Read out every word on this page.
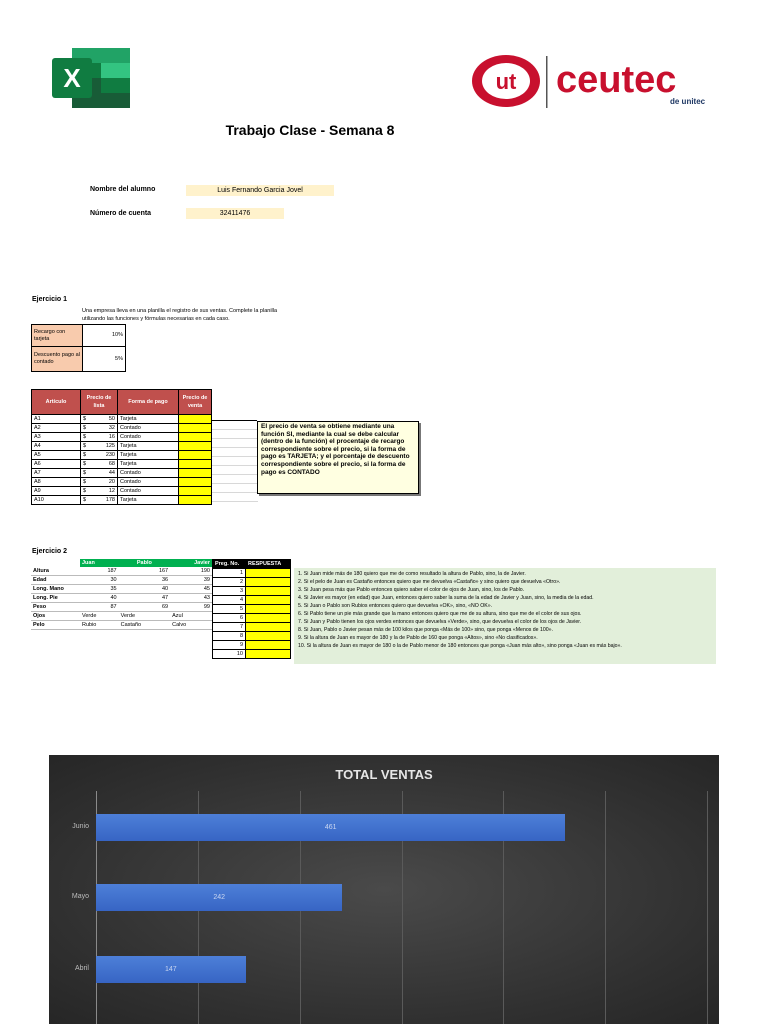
X	ut ceutec
de unitec
Trabajo Clase - Semana 8
Nombre del alumno	Luis Fernando Garcia Jovel
Número de cuenta	32411476
Ejercicio 1
Una empresa lleva en una planilla el registro de sus ventas. Complete la planilla
utilizando las funciones y fórmulas necesarias en cada caso.
Recargo con tarjeta	10%
Descuento pago al contado	5%
Artículo	Precio de lista		Forma de pago	Precio de venta
A1	$	50	Tarjeta	
A2	$	32	Contado	
A3	$	16	Contado	
A4	$	125	Tarjeta	
A5	$	230	Tarjeta	
A6	$	68	Tarjeta	
A7	$	44	Contado	
A8	$	20	Contado	
A9	$	12	Contado	
A10	$	178	Tarjeta	
El precio de venta se obtiene mediante una función SI, mediante la cual se debe calcular (dentro de la función) el procentaje de recargo correspondiente sobre el precio, si la forma de pago es TARJETA; y el porcentaje de descuento correspondiente sobre el precio, si la forma de pago es CONTADO
Ejercicio 2
	Juan	Pablo	Javier
Altura	187	167	190
Edad	30	36	39
Long. Mano	35	40	45
Long. Pie	40	47	43
Peso	87	69	99
Ojos	Verde	Verde	Azul
Pelo	Rubio	Castaño	Calvo
Preg. No.	RESPUESTA
1	
2	
3	
4	
5	
6	
7	
8	
9	
10	
1. Si Juan mide más de 180 quiero que me de como resultado la altura de Pablo, sino, la de Javier.
2. Si el pelo de Juan es Castaño entonces quiero que me devuelva «Castaño» y sino quiero que devuelva «Otro».
3. Si Juan pesa más que Pablo entonces quiero saber el color de ojos de Juan, sino, los de Pablo.
4. Si Javier es mayor (en edad) que Juan, entonces quiero saber la suma de la edad de Javier y Juan, sino, la media de la edad.
5. Si Juan o Pablo son Rubios entonces quiero que devuelva «OK», sino, «NO OK».
6. Si Pablo tiene un pie más grande que la mano entonces quiero que me de su altura, sino que me de el color de sus ojos.
7. Si Juan y Pablo tienen los ojos verdes entonces que devuelva «Verde», sino, que devuelva el color de los ojos de Javier.
8. Si Juan, Pablo o Javier pesan más de 100 kilos que ponga «Más de 100» sino, que ponga «Menos de 100».
9. Si la altura de Juan es mayor de 180 y la de Pablo de 160 que ponga «Altos», sino «No clasificados».
10. Si la altura de Juan es mayor de 180 o la de Pablo menor de 180 entonces que ponga «Juan más alto», sino ponga «Juan es más bajo».
TOTAL VENTAS
Junio	461
Mayo	242
Abril	147
